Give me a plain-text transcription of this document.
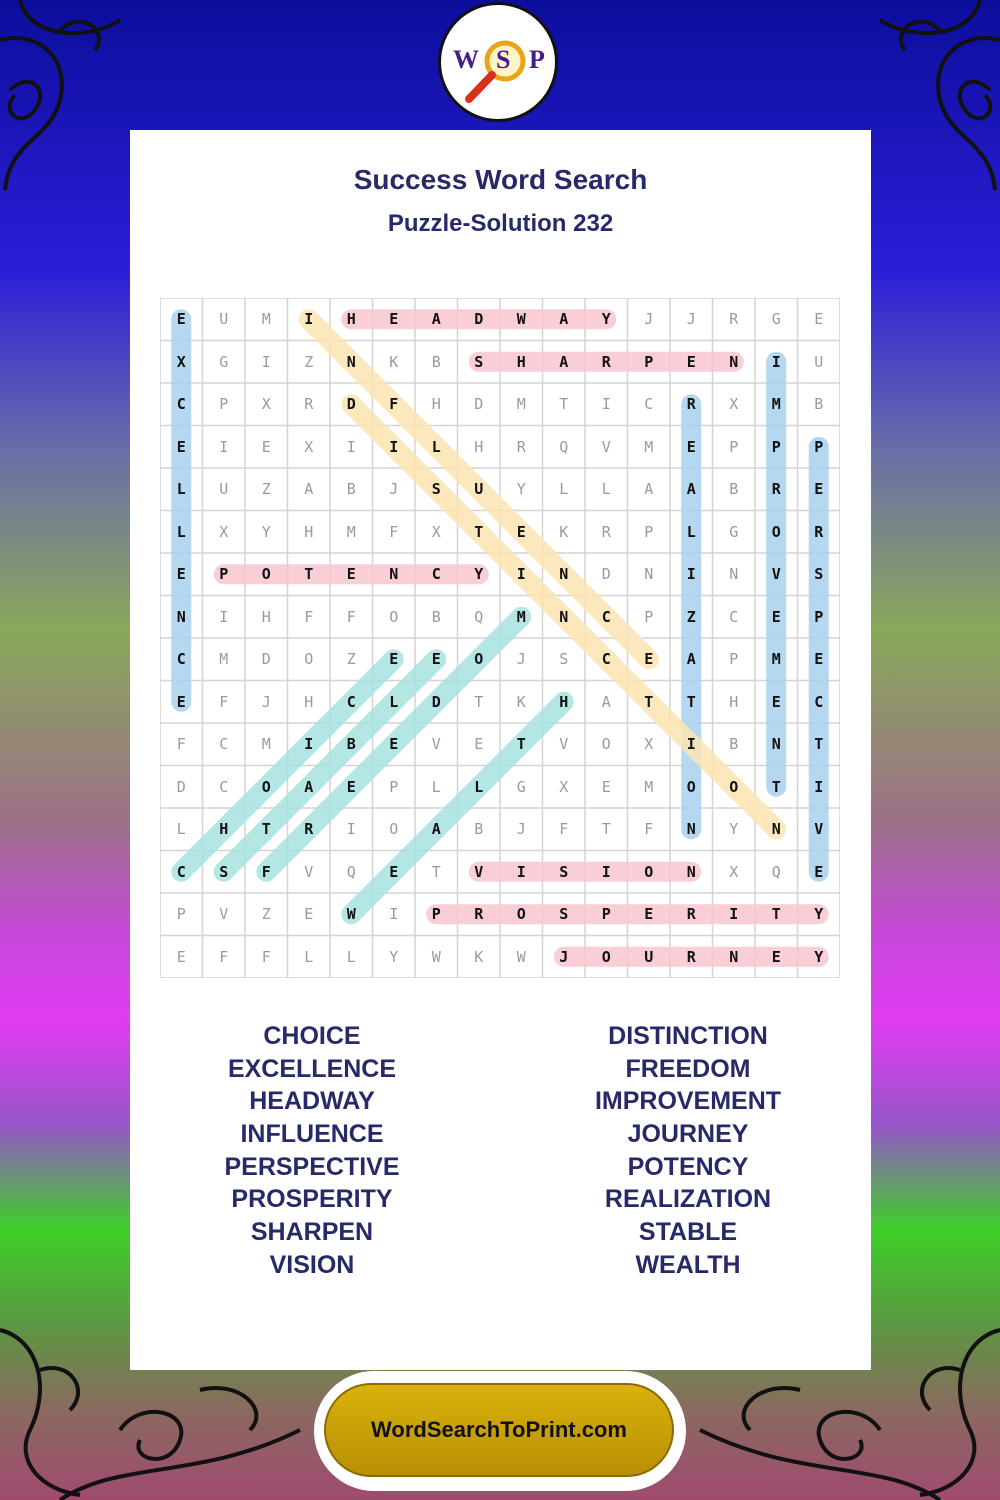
W S P
Success Word Search
Puzzle-Solution 232
E	U	M	I	H	E	A	D	W	A	Y	J	J	R	G	E
X	G	I	Z	N	K	B	S	H	A	R	P	E	N	I	U
C	P	X	R	D	F	H	D	M	T	I	C	R	X	M	B
E	I	E	X	I	I	L	H	R	Q	V	M	E	P	P	P
L	U	Z	A	B	J	S	U	Y	L	L	A	A	B	R	E
L	X	Y	H	M	F	X	T	E	K	R	P	L	G	O	R
E	P	O	T	E	N	C	Y	I	N	D	N	I	N	V	S
N	I	H	F	F	O	B	Q	M	N	C	P	Z	C	E	P
C	M	D	O	Z	E	E	O	J	S	C	E	A	P	M	E
E	F	J	H	C	L	D	T	K	H	A	T	T	H	E	C
F	C	M	I	B	E	V	E	T	V	O	X	I	B	N	T
D	C	O	A	E	P	L	L	G	X	E	M	O	O	T	I
L	H	T	R	I	O	A	B	J	F	T	F	N	Y	N	V
C	S	F	V	Q	E	T	V	I	S	I	O	N	X	Q	E
P	V	Z	E	W	I	P	R	O	S	P	E	R	I	T	Y
E	F	F	L	L	Y	W	K	W	J	O	U	R	N	E	Y
CHOICE
EXCELLENCE
HEADWAY
INFLUENCE
PERSPECTIVE
PROSPERITY
SHARPEN
VISION
DISTINCTION
FREEDOM
IMPROVEMENT
JOURNEY
POTENCY
REALIZATION
STABLE
WEALTH
WordSearchToPrint.com
